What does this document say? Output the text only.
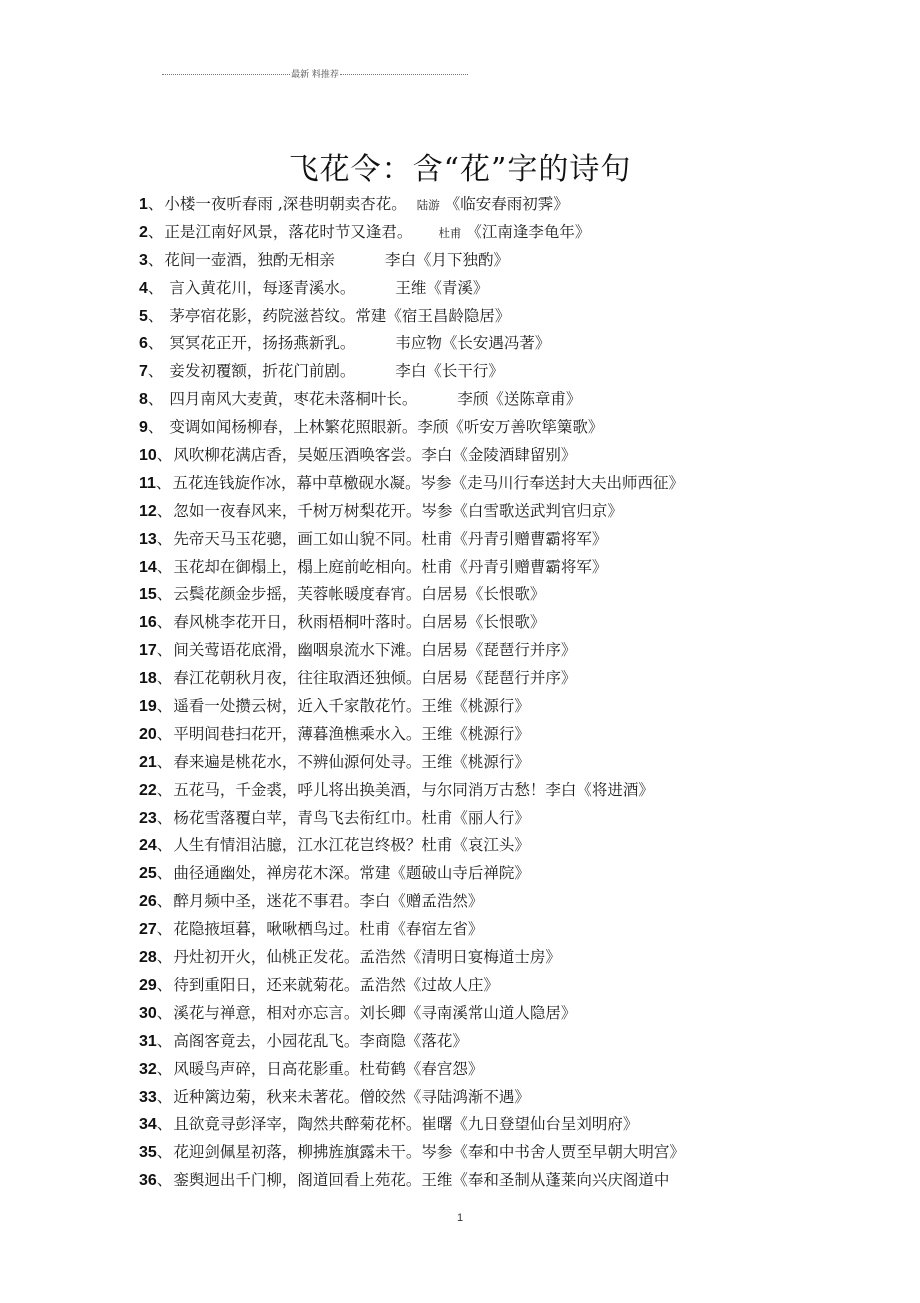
最新 料推荐
飞花令：含“花”字的诗句
1、小楼一夜听春雨 ,深巷明朝卖杏花。 陆游 《临安春雨初霁》
2、正是江南好风景，落花时节又逢君。 杜甫 《江南逢李龟年》
3、花间一壶酒，独酌无相亲	李白《月下独酌》
4、 言入黄花川，每逐青溪水。	王维《青溪》
5、 茅亭宿花影，药院滋苔纹。常建《宿王昌龄隐居》
6、 冥冥花正开，扬扬燕新乳。	韦应物《长安遇冯著》
7、 妾发初覆额，折花门前剧。	李白《长干行》
8、 四月南风大麦黄，枣花未落桐叶长。	李颀《送陈章甫》
9、 变调如闻杨柳春，上林繁花照眼新。李颀《听安万善吹筚篥歌》
10、风吹柳花满店香，吴姬压酒唤客尝。李白《金陵酒肆留别》
11、五花连钱旋作冰，幕中草檄砚水凝。岑参《走马川行奉送封大夫出师西征》
12、忽如一夜春风来，千树万树梨花开。岑参《白雪歌送武判官归京》
13、先帝天马玉花骢，画工如山貌不同。杜甫《丹青引赠曹霸将军》
14、玉花却在御榻上，榻上庭前屹相向。杜甫《丹青引赠曹霸将军》
15、云鬓花颜金步摇，芙蓉帐暖度春宵。白居易《长恨歌》
16、春风桃李花开日，秋雨梧桐叶落时。白居易《长恨歌》
17、间关莺语花底滑，幽咽泉流水下滩。白居易《琵琶行并序》
18、春江花朝秋月夜，往往取酒还独倾。白居易《琵琶行并序》
19、遥看一处攒云树，近入千家散花竹。王维《桃源行》
20、平明闾巷扫花开，薄暮渔樵乘水入。王维《桃源行》
21、春来遍是桃花水，不辨仙源何处寻。王维《桃源行》
22、五花马，千金裘，呼儿将出换美酒，与尔同消万古愁！李白《将进酒》
23、杨花雪落覆白苹，青鸟飞去衔红巾。杜甫《丽人行》
24、人生有情泪沾臆，江水江花岂终极？杜甫《哀江头》
25、曲径通幽处，禅房花木深。常建《题破山寺后禅院》
26、醉月频中圣，迷花不事君。李白《赠孟浩然》
27、花隐掖垣暮，啾啾栖鸟过。杜甫《春宿左省》
28、丹灶初开火，仙桃正发花。孟浩然《清明日宴梅道士房》
29、待到重阳日，还来就菊花。孟浩然《过故人庄》
30、溪花与禅意，相对亦忘言。刘长卿《寻南溪常山道人隐居》
31、高阁客竟去，小园花乱飞。李商隐《落花》
32、风暖鸟声碎，日高花影重。杜荀鹤《春宫怨》
33、近种篱边菊，秋来未著花。僧皎然《寻陆鸿渐不遇》
34、且欲竟寻彭泽宰，陶然共醉菊花杯。崔曙《九日登望仙台呈刘明府》
35、花迎剑佩星初落，柳拂旌旗露未干。岑参《奉和中书舍人贾至早朝大明宫》
36、銮舆迥出千门柳，阁道回看上苑花。王维《奉和圣制从蓬莱向兴庆阁道中
1
